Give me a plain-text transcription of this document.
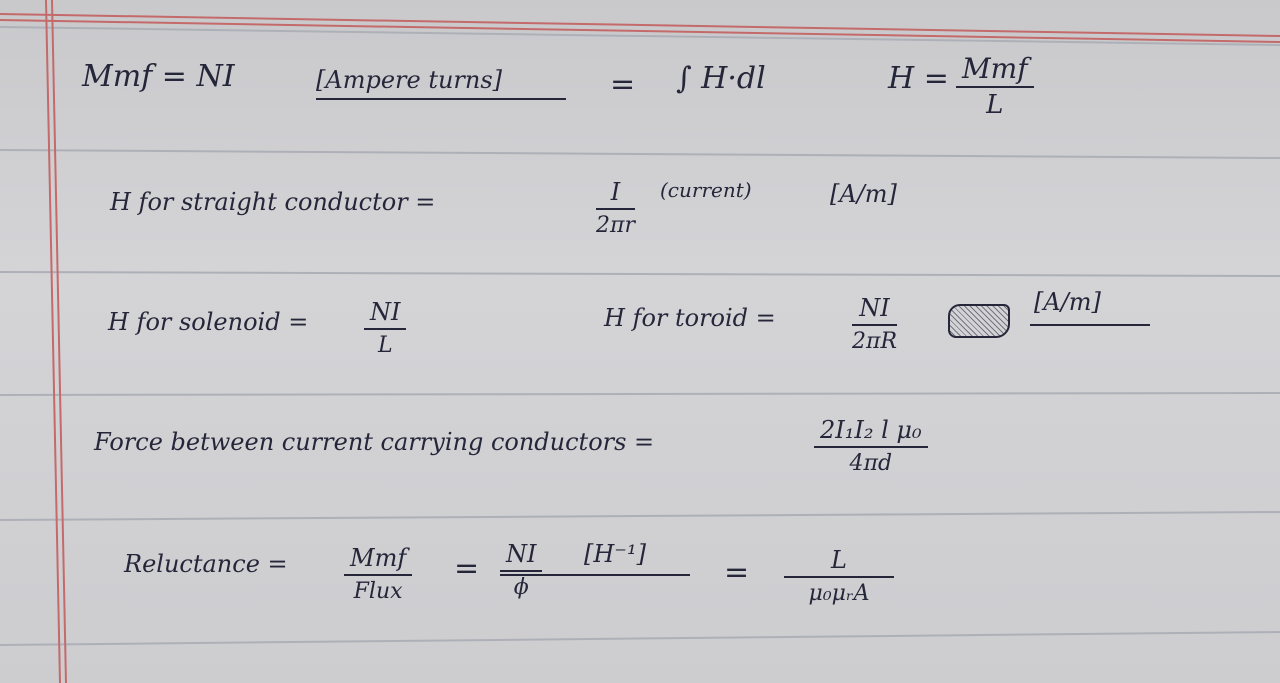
Mmf = NI	[Ampere turns]	= ∫ H·dl	H = Mmf
L
H for straight conductor =	$\frac{I}{2\pi r}$ (current)	[A/m]
H for solenoid = $\frac{NI}{L}$	H for toroid =	$\frac{NI}{2\pi R}$	[A/m]
Force between current carrying conductors =	$\frac{\text{2I₁I₂ l μ₀}}{4\pi d}$
Reluctance =	Mmf
Flux
= $\frac{NI}{\phi} [H^{-1}]$
=	L
μ₀μᵣA
